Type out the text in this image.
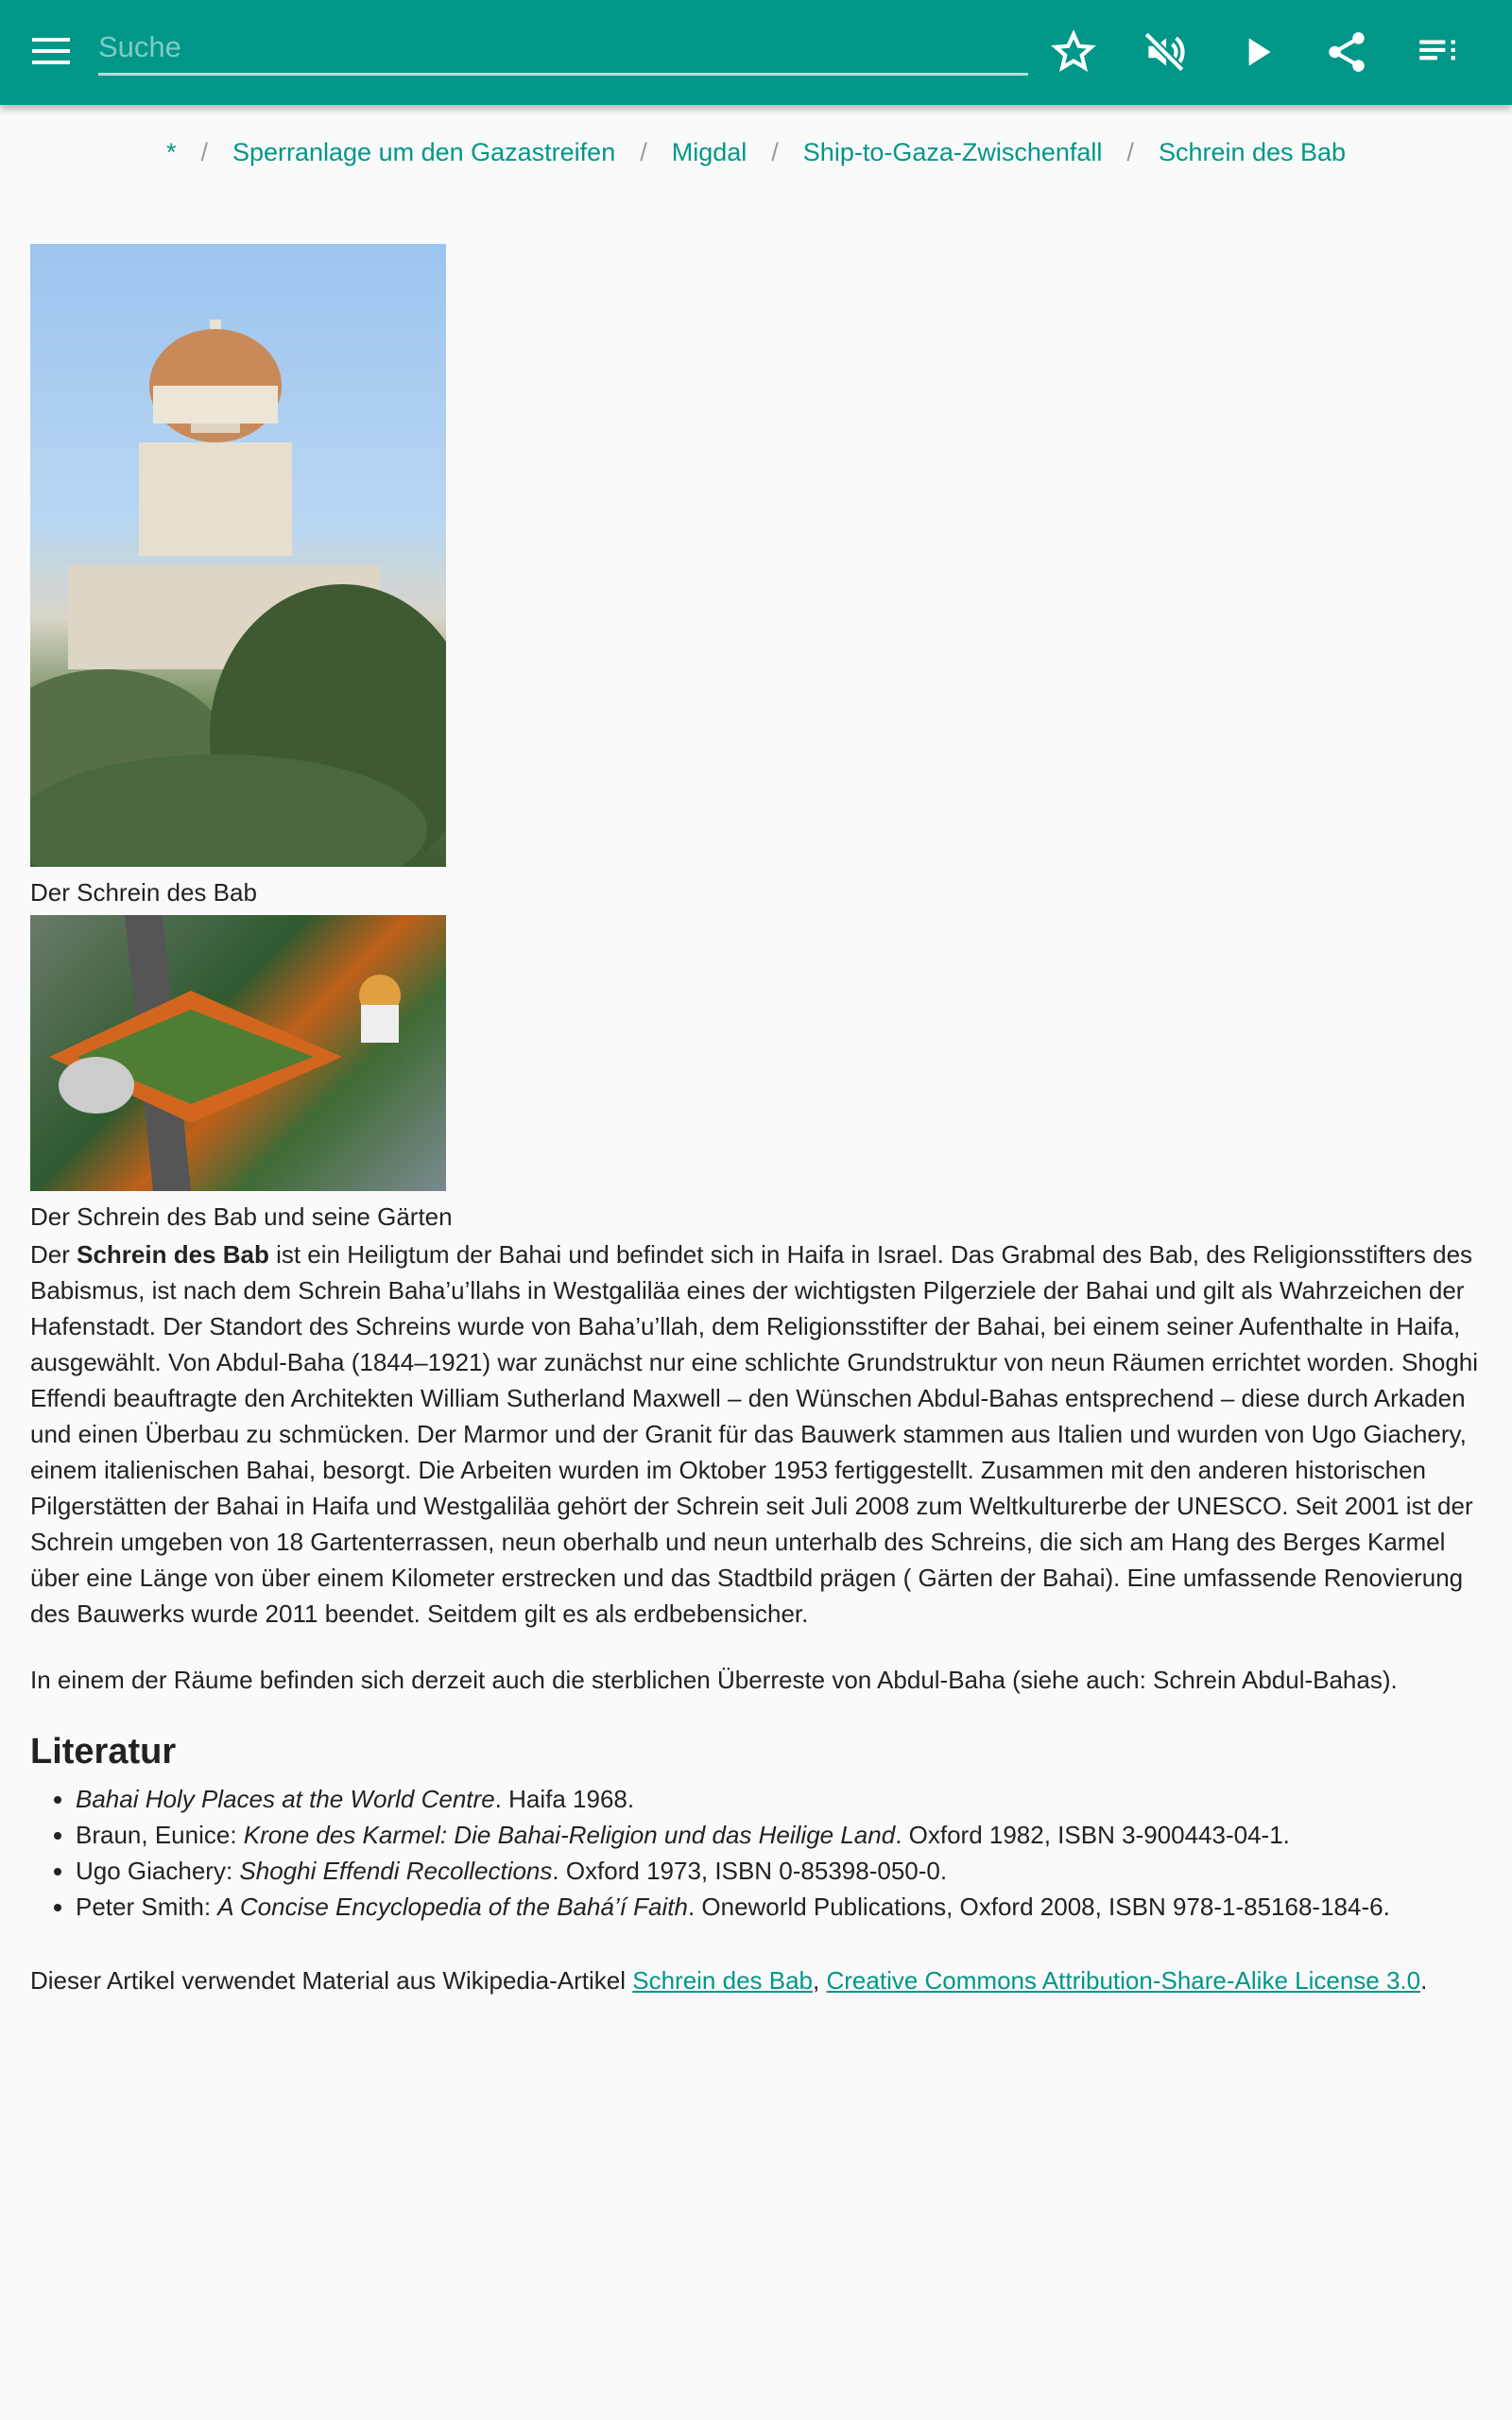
Suche
* / Sperranlage um den Gazastreifen / Migdal / Ship-to-Gaza-Zwischenfall / Schrein des Bab
Der Schrein des Bab
Der Schrein des Bab und seine Gärten
Der Schrein des Bab ist ein Heiligtum der Bahai und befindet sich in Haifa in Israel. Das Grabmal des Bab, des Religionsstifters des Babismus, ist nach dem Schrein Baha’u’llahs in Westgaliläa eines der wichtigsten Pilgerziele der Bahai und gilt als Wahrzeichen der Hafenstadt. Der Standort des Schreins wurde von Baha’u’llah, dem Religionsstifter der Bahai, bei einem seiner Aufenthalte in Haifa, ausgewählt. Von Abdul-Baha (1844–1921) war zunächst nur eine schlichte Grundstruktur von neun Räumen errichtet worden. Shoghi Effendi beauftragte den Architekten William Sutherland Maxwell – den Wünschen Abdul-Bahas entsprechend – diese durch Arkaden und einen Überbau zu schmücken. Der Marmor und der Granit für das Bauwerk stammen aus Italien und wurden von Ugo Giachery, einem italienischen Bahai, besorgt. Die Arbeiten wurden im Oktober 1953 fertiggestellt. Zusammen mit den anderen historischen Pilgerstätten der Bahai in Haifa und Westgaliläa gehört der Schrein seit Juli 2008 zum Weltkulturerbe der UNESCO. Seit 2001 ist der Schrein umgeben von 18 Gartenterrassen, neun oberhalb und neun unterhalb des Schreins, die sich am Hang des Berges Karmel über eine Länge von über einem Kilometer erstrecken und das Stadtbild prägen ( Gärten der Bahai). Eine umfassende Renovierung des Bauwerks wurde 2011 beendet. Seitdem gilt es als erdbebensicher.
In einem der Räume befinden sich derzeit auch die sterblichen Überreste von Abdul-Baha (siehe auch: Schrein Abdul-Bahas).
Literatur
• Bahai Holy Places at the World Centre. Haifa 1968.
• Braun, Eunice: Krone des Karmel: Die Bahai-Religion und das Heilige Land. Oxford 1982, ISBN 3-900443-04-1.
• Ugo Giachery: Shoghi Effendi Recollections. Oxford 1973, ISBN 0-85398-050-0.
• Peter Smith: A Concise Encyclopedia of the Bahá’í Faith. Oneworld Publications, Oxford 2008, ISBN 978-1-85168-184-6.
Dieser Artikel verwendet Material aus Wikipedia-Artikel Schrein des Bab, Creative Commons Attribution-Share-Alike License 3.0.
